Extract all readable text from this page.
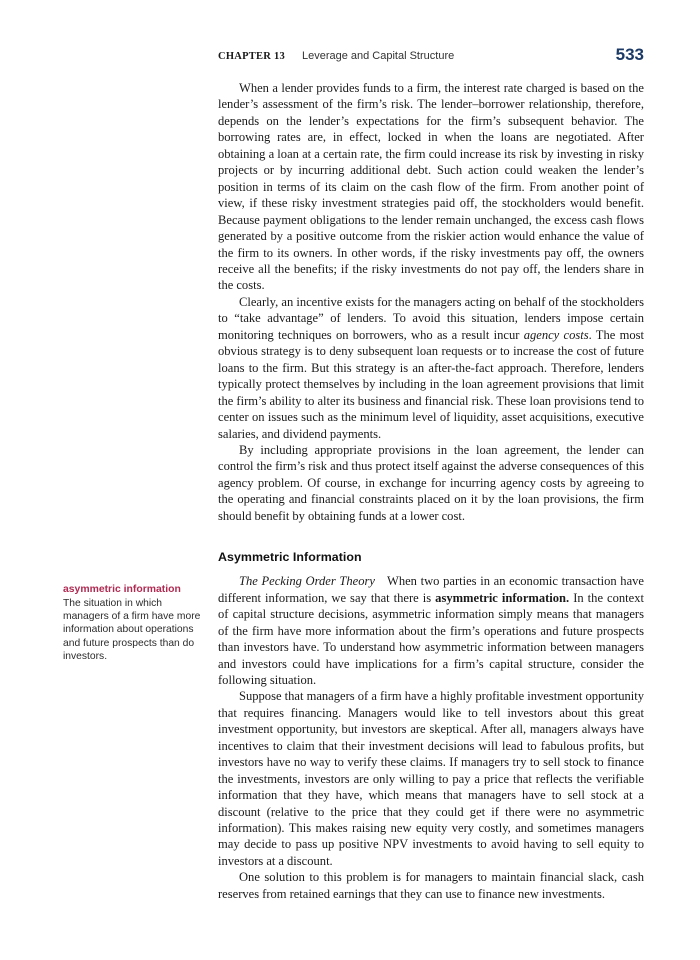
CHAPTER 13 Leverage and Capital Structure	533

asymmetric information

The situation in which managers of a firm have more information about operations and future prospects than do investors.

When a lender provides funds to a firm, the interest rate charged is based on the lender’s assessment of the firm’s risk. The lender–borrower relationship, therefore, depends on the lender’s expectations for the firm’s subsequent behavior. The borrowing rates are, in effect, locked in when the loans are negotiated. After obtaining a loan at a certain rate, the firm could increase its risk by investing in risky projects or by incurring additional debt. Such action could weaken the lender’s position in terms of its claim on the cash flow of the firm. From another point of view, if these risky investment strategies paid off, the stockholders would benefit. Because payment obligations to the lender remain unchanged, the excess cash flows generated by a positive outcome from the riskier action would enhance the value of the firm to its owners. In other words, if the risky investments pay off, the owners receive all the benefits; if the risky investments do not pay off, the lenders share in the costs.

Clearly, an incentive exists for the managers acting on behalf of the stockholders to “take advantage” of lenders. To avoid this situation, lenders impose certain monitoring techniques on borrowers, who as a result incur agency costs. The most obvious strategy is to deny subsequent loan requests or to increase the cost of future loans to the firm. But this strategy is an after-the-fact approach. Therefore, lenders typically protect themselves by including in the loan agreement provisions that limit the firm’s ability to alter its business and financial risk. These loan provisions tend to center on issues such as the minimum level of liquidity, asset acquisitions, executive salaries, and dividend payments.

By including appropriate provisions in the loan agreement, the lender can control the firm’s risk and thus protect itself against the adverse consequences of this agency problem. Of course, in exchange for incurring agency costs by agreeing to the operating and financial constraints placed on it by the loan provisions, the firm should benefit by obtaining funds at a lower cost.

Asymmetric Information

The Pecking Order Theory When two parties in an economic transaction have different information, we say that there is asymmetric information. In the context of capital structure decisions, asymmetric information simply means that managers of the firm have more information about the firm’s operations and future prospects than investors have. To understand how asymmetric information between managers and investors could have implications for a firm’s capital structure, consider the following situation.

Suppose that managers of a firm have a highly profitable investment opportunity that requires financing. Managers would like to tell investors about this great investment opportunity, but investors are skeptical. After all, managers always have incentives to claim that their investment decisions will lead to fabulous profits, but investors have no way to verify these claims. If managers try to sell stock to finance the investments, investors are only willing to pay a price that reflects the verifiable information that they have, which means that managers have to sell stock at a discount (relative to the price that they could get if there were no asymmetric information). This makes raising new equity very costly, and sometimes managers may decide to pass up positive NPV investments to avoid having to sell equity to investors at a discount.

One solution to this problem is for managers to maintain financial slack, cash reserves from retained earnings that they can use to finance new investments.
